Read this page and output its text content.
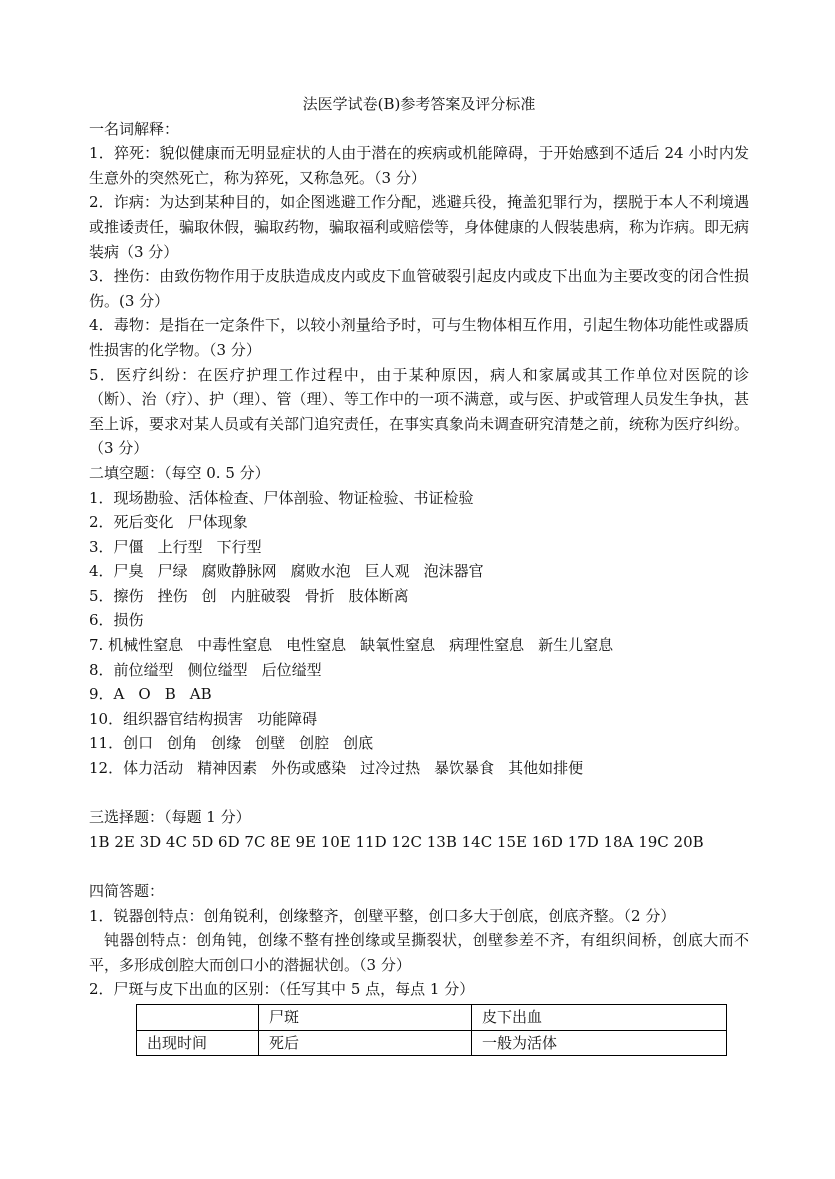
法医学试卷(B)参考答案及评分标准

一名词解释：

1．猝死：貌似健康而无明显症状的人由于潜在的疾病或机能障碍，于开始感到不适后 24 小时内发生意外的突然死亡，称为猝死，又称急死。（3 分）

2．诈病：为达到某种目的，如企图逃避工作分配，逃避兵役，掩盖犯罪行为，摆脱于本人不利境遇或推诿责任，骗取休假，骗取药物，骗取福利或赔偿等，身体健康的人假装患病，称为诈病。即无病装病（3 分）

3．挫伤：由致伤物作用于皮肤造成皮内或皮下血管破裂引起皮内或皮下出血为主要改变的闭合性损伤。(3 分）

4．毒物：是指在一定条件下，以较小剂量给予时，可与生物体相互作用，引起生物体功能性或器质性损害的化学物。（3 分）

5．医疗纠纷：在医疗护理工作过程中，由于某种原因，病人和家属或其工作单位对医院的诊（断）、治（疗）、护（理）、管（理）、等工作中的一项不满意，或与医、护或管理人员发生争执，甚至上诉，要求对某人员或有关部门追究责任，在事实真象尚未调查研究清楚之前，统称为医疗纠纷。（3 分）

二填空题：（每空 0. 5 分）

1．现场勘验、活体检查、尸体剖验、物证检验、书证检验

2．死后变化 尸体现象

3．尸僵 上行型 下行型

4．尸臭 尸绿 腐败静脉网 腐败水泡 巨人观 泡沫器官

5．擦伤 挫伤 创 内脏破裂 骨折 肢体断离

6．损伤

7. 机械性窒息 中毒性窒息 电性窒息 缺氧性窒息 病理性窒息 新生儿窒息

8．前位缢型 侧位缢型 后位缢型

9．A O B AB

10．组织器官结构损害 功能障碍

11．创口 创角 创缘 创壁 创腔 创底

12．体力活动 精神因素 外伤或感染 过冷过热 暴饮暴食 其他如排便

三选择题：（每题 1 分）

1B 2E 3D 4C 5D 6D 7C 8E 9E 10E 11D 12C 13B 14C 15E 16D 17D 18A 19C 20B

四简答题：

1．锐器创特点：创角锐利，创缘整齐，创壁平整，创口多大于创底，创底齐整。（2 分）

钝器创特点：创角钝，创缘不整有挫创缘或呈撕裂状，创壁参差不齐，有组织间桥，创底大而不平，多形成创腔大而创口小的潜掘状创。（3 分）

2．尸斑与皮下出血的区别：（任写其中 5 点，每点 1 分）

	尸斑	皮下出血
出现时间	死后	一般为活体
